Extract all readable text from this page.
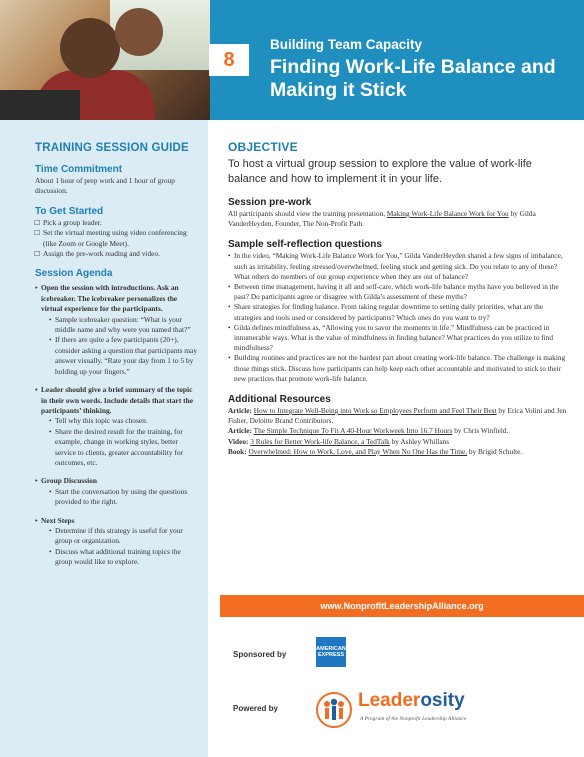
8
Building Team Capacity
Finding Work-Life Balance and Making it Stick
TRAINING SESSION GUIDE
Time Commitment
About 1 hour of prep work and 1 hour of group discussion.
To Get Started
☐ Pick a group leader.
☐ Set the virtual meeting using video conferencing (like Zoom or Google Meet).
☐ Assign the pre-work reading and video.
Session Agenda
• Open the session with introductions. Ask an icebreaker. The icebreaker personalizes the virtual experience for the participants.
• Sample icebreaker question: “What is your middle name and why were you named that?”
• If there are quite a few participants (20+), consider asking a question that participants may answer visually. “Rate your day from 1 to 5 by holding up your fingers.”
• Leader should give a brief summary of the topic in their own words. Include details that start the participants’ thinking.
• Tell why this topic was chosen.
• Share the desired result for the training, for example, change in working styles, better service to clients, greater accountability for outcomes, etc.
• Group Discussion
• Start the conversation by using the questions provided to the right.
• Next Steps
• Determine if this strategy is useful for your group or organization.
• Discuss what additional training topics the group would like to explore.
OBJECTIVE
To host a virtual group session to explore the value of work-life balance and how to implement it in your life.
Session pre-work
All participants should view the training presentation, Making Work-Life Balance Work for You by Gilda VanderHeyden, Founder, The Non-Profit Path.
Sample self-reflection questions
• In the video, “Making Work-Life Balance Work for You,” Gilda VanderHeyden shared a few signs of imbalance, such as irritability, feeling stressed/overwhelmed, feeling stuck and getting sick. Do you relate to any of these? What others do members of our group experience when they are out of balance?
• Between time management, having it all and self-care, which work-life balance myths have you believed in the past? Do participants agree or disagree with Gilda’s assessment of these myths?
• Share strategies for finding balance. From taking regular downtime to setting daily priorities, what are the strategies and tools used or considered by participants? Which ones do you want to try?
• Gilda defines mindfulness as, “Allowing you to savor the moments in life.” Mindfulness can be practiced in innumerable ways. What is the value of mindfulness in finding balance? What practices do you utilize to find mindfulness?
• Building routines and practices are not the hardest part about creating work-life balance. The challenge is making those things stick. Discuss how participants can help keep each other accountable and motivated to stick to their new practices that promote work-life balance.
Additional Resources
Article: How to Integrate Well-Being into Work so Employees Perform and Feel Their Best by Erica Volini and Jen Fisher, Deloitte Brand Contributors.
Article: The Simple Technique To Fit A 40-Hour Workweek Into 16.7 Hours by Chris Winfield.
Video: 3 Rules for Better Work-life Balance, a TedTalk by Ashley Whillans
Book: Overwhelmed: How to Work, Love, and Play When No One Has the Time, by Brigid Schulte.
www.NonprofitLeadershipAlliance.org
Sponsored by
AMERICAN
EXPRESS
Powered by	Leaderosity
A Program of the Nonprofit Leadership Alliance
